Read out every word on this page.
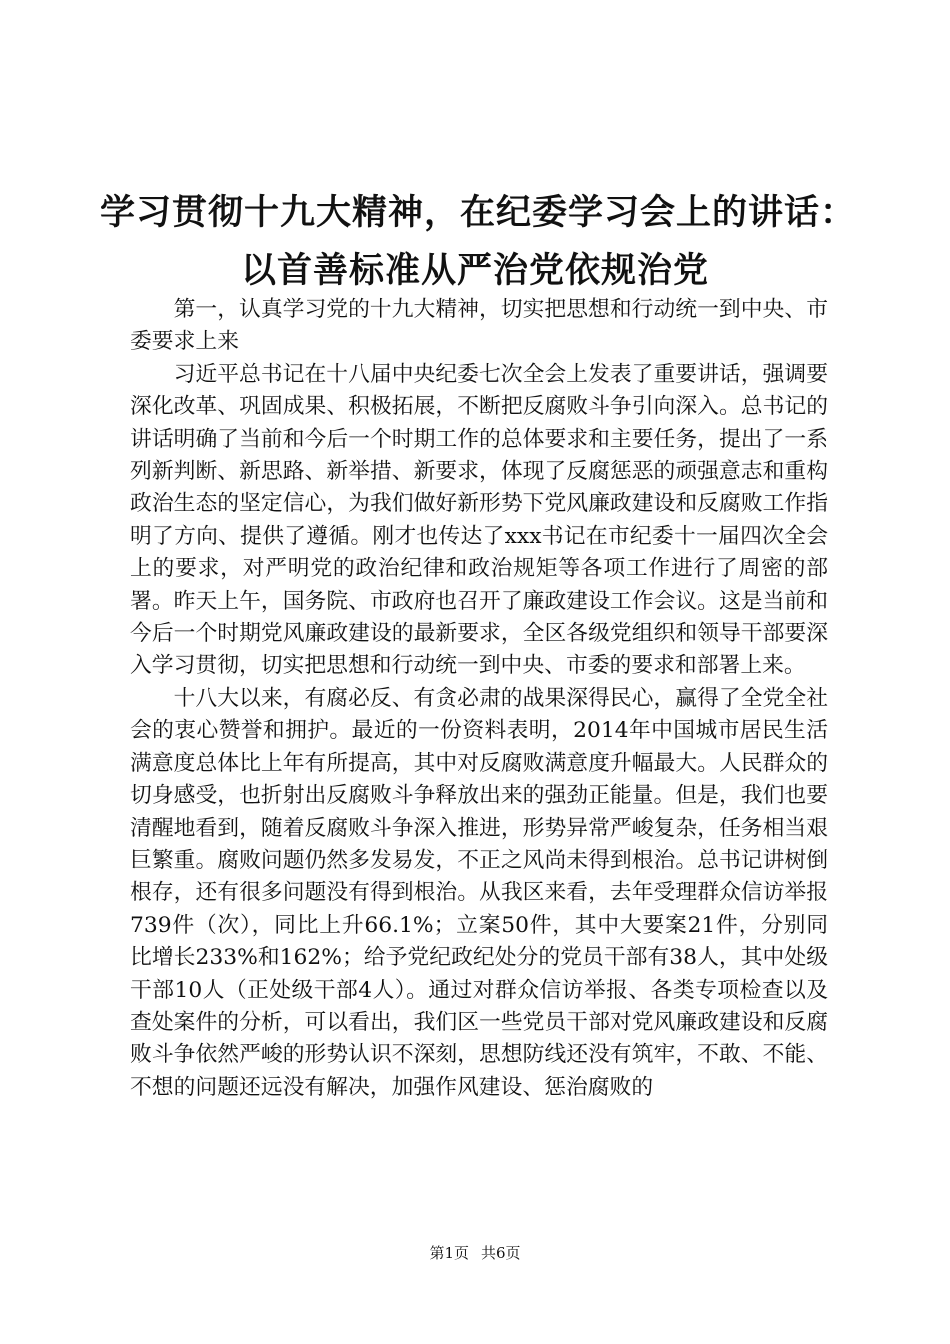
学习贯彻十九大精神，在纪委学习会上的讲话：
以首善标准从严治党依规治党

第一，认真学习党的十九大精神，切实把思想和行动统一到中央、市委要求上来

习近平总书记在十八届中央纪委七次全会上发表了重要讲话，强调要深化改革、巩固成果、积极拓展，不断把反腐败斗争引向深入。总书记的讲话明确了当前和今后一个时期工作的总体要求和主要任务，提出了一系列新判断、新思路、新举措、新要求，体现了反腐惩恶的顽强意志和重构政治生态的坚定信心，为我们做好新形势下党风廉政建设和反腐败工作指明了方向、提供了遵循。刚才也传达了xxx书记在市纪委十一届四次全会上的要求，对严明党的政治纪律和政治规矩等各项工作进行了周密的部署。昨天上午，国务院、市政府也召开了廉政建设工作会议。这是当前和今后一个时期党风廉政建设的最新要求，全区各级党组织和领导干部要深入学习贯彻，切实把思想和行动统一到中央、市委的要求和部署上来。

十八大以来，有腐必反、有贪必肃的战果深得民心，赢得了全党全社会的衷心赞誉和拥护。最近的一份资料表明，2014年中国城市居民生活满意度总体比上年有所提高，其中对反腐败满意度升幅最大。人民群众的切身感受，也折射出反腐败斗争释放出来的强劲正能量。但是，我们也要清醒地看到，随着反腐败斗争深入推进，形势异常严峻复杂，任务相当艰巨繁重。腐败问题仍然多发易发，不正之风尚未得到根治。总书记讲树倒根存，还有很多问题没有得到根治。从我区来看，去年受理群众信访举报739件（次），同比上升66.1%；立案50件，其中大要案21件，分别同比增长233%和162%；给予党纪政纪处分的党员干部有38人，其中处级干部10人（正处级干部4人）。通过对群众信访举报、各类专项检查以及查处案件的分析，可以看出，我们区一些党员干部对党风廉政建设和反腐败斗争依然严峻的形势认识不深刻，思想防线还没有筑牢，不敢、不能、不想的问题还远没有解决，加强作风建设、惩治腐败的

第1页 共6页
